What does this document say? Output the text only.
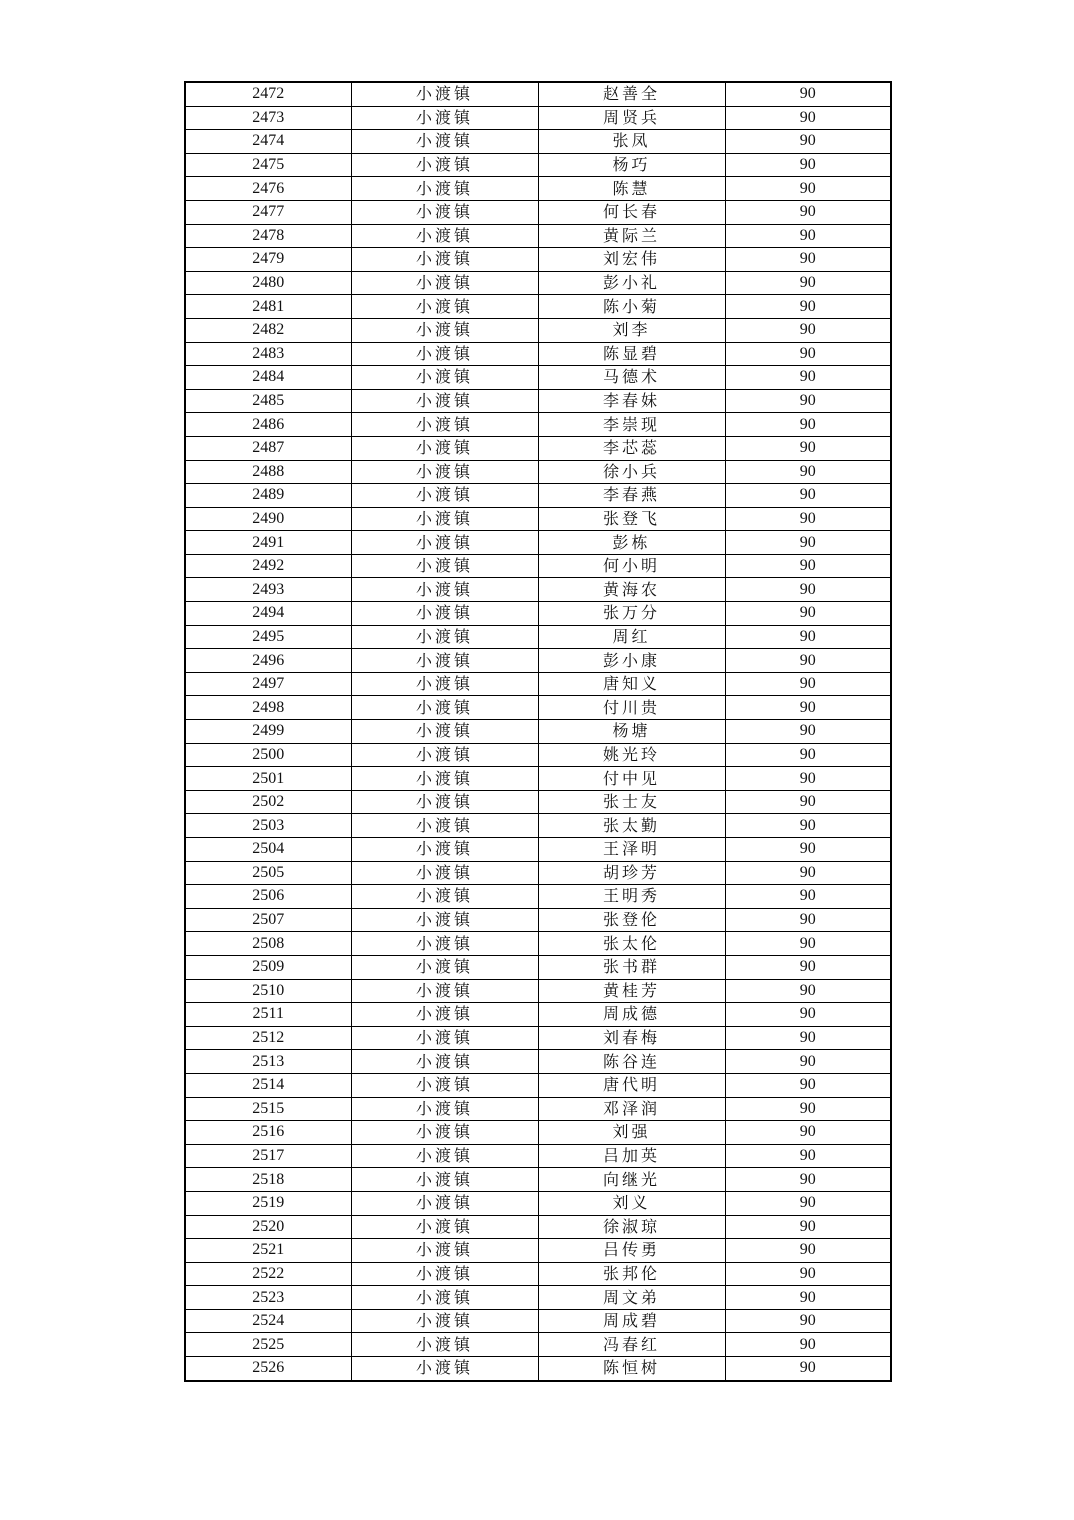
2472	小渡镇	赵善全	90
2473	小渡镇	周贤兵	90
2474	小渡镇	张凤	90
2475	小渡镇	杨巧	90
2476	小渡镇	陈慧	90
2477	小渡镇	何长春	90
2478	小渡镇	黄际兰	90
2479	小渡镇	刘宏伟	90
2480	小渡镇	彭小礼	90
2481	小渡镇	陈小菊	90
2482	小渡镇	刘李	90
2483	小渡镇	陈显碧	90
2484	小渡镇	马德术	90
2485	小渡镇	李春妹	90
2486	小渡镇	李崇现	90
2487	小渡镇	李芯蕊	90
2488	小渡镇	徐小兵	90
2489	小渡镇	李春燕	90
2490	小渡镇	张登飞	90
2491	小渡镇	彭栋	90
2492	小渡镇	何小明	90
2493	小渡镇	黄海农	90
2494	小渡镇	张万分	90
2495	小渡镇	周红	90
2496	小渡镇	彭小康	90
2497	小渡镇	唐知义	90
2498	小渡镇	付川贵	90
2499	小渡镇	杨塘	90
2500	小渡镇	姚光玲	90
2501	小渡镇	付中见	90
2502	小渡镇	张士友	90
2503	小渡镇	张太勤	90
2504	小渡镇	王泽明	90
2505	小渡镇	胡珍芳	90
2506	小渡镇	王明秀	90
2507	小渡镇	张登伦	90
2508	小渡镇	张太伦	90
2509	小渡镇	张书群	90
2510	小渡镇	黄桂芳	90
2511	小渡镇	周成德	90
2512	小渡镇	刘春梅	90
2513	小渡镇	陈谷连	90
2514	小渡镇	唐代明	90
2515	小渡镇	邓泽润	90
2516	小渡镇	刘强	90
2517	小渡镇	吕加英	90
2518	小渡镇	向继光	90
2519	小渡镇	刘义	90
2520	小渡镇	徐淑琼	90
2521	小渡镇	吕传勇	90
2522	小渡镇	张邦伦	90
2523	小渡镇	周文弟	90
2524	小渡镇	周成碧	90
2525	小渡镇	冯春红	90
2526	小渡镇	陈恒树	90
